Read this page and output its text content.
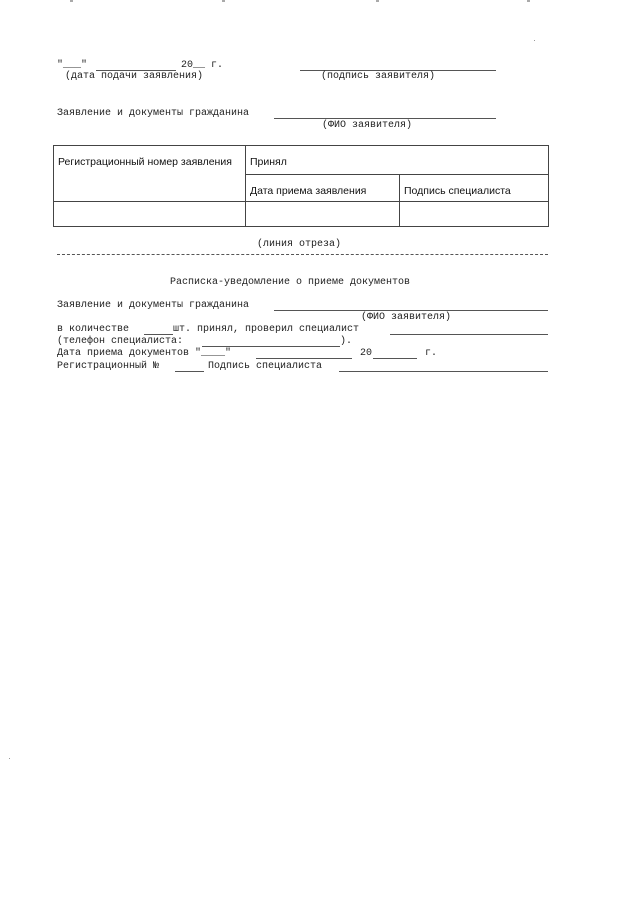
"___"	20__ г.
(дата подачи заявления)	(подпись заявителя)
Заявление и документы гражданина
(ФИО заявителя)
Регистрационный номер заявления	Принял	
	Дата приема заявления	Подпись специалиста

(линия отреза)
Расписка-уведомление о приеме документов
Заявление и документы гражданина
(ФИО заявителя)
в количестве	шт. принял, проверил специалист
(телефон специалиста:	).
Дата приема документов "____"	20	г.
Регистрационный №	Подпись специалиста
